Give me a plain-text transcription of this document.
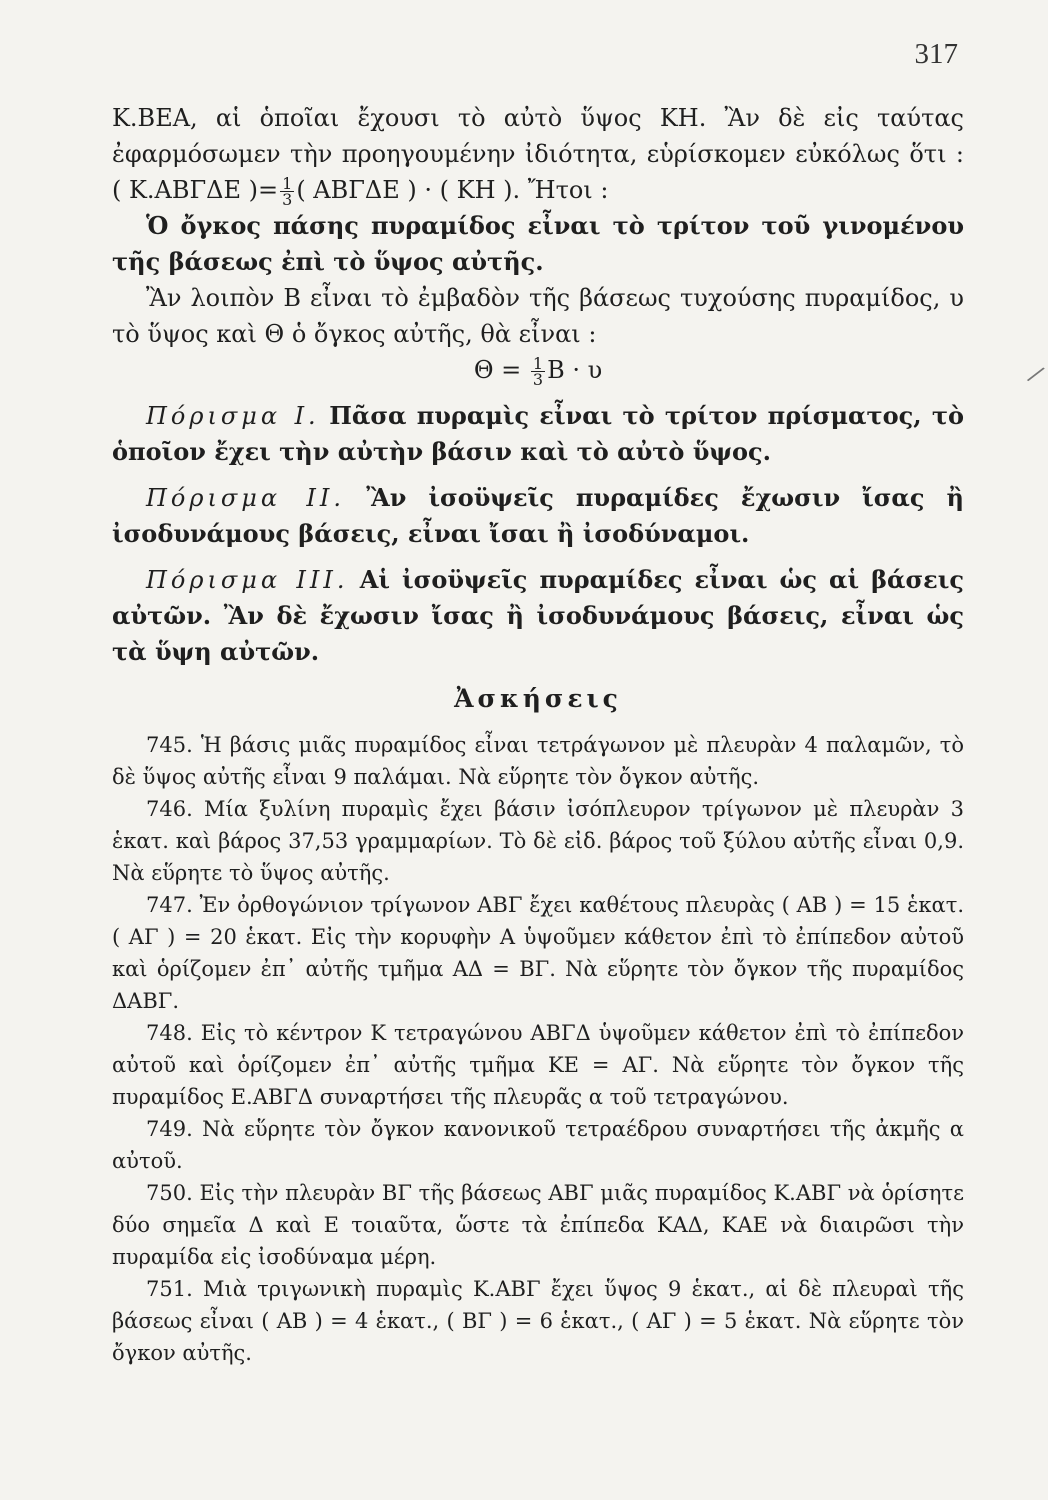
317
/

Κ.ΒΕΑ, αἱ ὁποῖαι ἔχουσι τὸ αὐτὸ ὕψος ΚΗ. Ἂν δὲ εἰς ταύτας ἐφαρμόσωμεν τὴν προηγουμένην ἰδιότητα, εὑρίσκομεν εὐκόλως ὅτι : ( Κ.ΑΒΓΔΕ )= $\frac{1}{3}$ ( ΑΒΓΔΕ ) · ( ΚΗ ). Ἤτοι :

Ὁ ὄγκος πάσης πυραμίδος εἶναι τὸ τρίτον τοῦ γινομένου τῆς βάσεως ἐπὶ τὸ ὕψος αὐτῆς.

Ἂν λοιπὸν Β εἶναι τὸ ἐμβαδὸν τῆς βάσεως τυχούσης πυραμίδος, υ τὸ ὕψος καὶ Θ ὁ ὄγκος αὐτῆς, θὰ εἶναι :

$\Theta = \frac{1}{3}$ Β · υ

Πόρισμα Ι. Πᾶσα πυραμὶς εἶναι τὸ τρίτον πρίσματος, τὸ ὁποῖον ἔχει τὴν αὐτὴν βάσιν καὶ τὸ αὐτὸ ὕψος.

Πόρισμα ΙΙ. Ἂν ἰσοϋψεῖς πυραμίδες ἔχωσιν ἴσας ἢ ἰσοδυνάμους βάσεις, εἶναι ἴσαι ἢ ἰσοδύναμοι.

Πόρισμα ΙΙΙ. Αἱ ἰσοϋψεῖς πυραμίδες εἶναι ὡς αἱ βάσεις αὐτῶν. Ἂν δὲ ἔχωσιν ἴσας ἢ ἰσοδυνάμους βάσεις, εἶναι ὡς τὰ ὕψη αὐτῶν.

Ἀσκήσεις

745. Ἡ βάσις μιᾶς πυραμίδος εἶναι τετράγωνον μὲ πλευρὰν 4 παλαμῶν, τὸ δὲ ὕψος αὐτῆς εἶναι 9 παλάμαι. Νὰ εὕρητε τὸν ὄγκον αὐτῆς.

746. Μία ξυλίνη πυραμὶς ἔχει βάσιν ἰσόπλευρον τρίγωνον μὲ πλευρὰν 3 ἑκατ. καὶ βάρος 37,53 γραμμαρίων. Τὸ δὲ εἰδ. βάρος τοῦ ξύλου αὐτῆς εἶναι 0,9. Νὰ εὕρητε τὸ ὕψος αὐτῆς.

747. Ἐν ὀρθογώνιον τρίγωνον ΑΒΓ ἔχει καθέτους πλευρὰς ( ΑΒ ) = 15 ἑκατ. ( ΑΓ ) = 20 ἑκατ. Εἰς τὴν κορυφὴν Α ὑψοῦμεν κάθετον ἐπὶ τὸ ἐπίπεδον αὐτοῦ καὶ ὁρίζομεν ἐπ᾽ αὐτῆς τμῆμα ΑΔ = ΒΓ. Νὰ εὕρητε τὸν ὄγκον τῆς πυραμίδος ΔΑΒΓ.

748. Εἰς τὸ κέντρον Κ τετραγώνου ΑΒΓΔ ὑψοῦμεν κάθετον ἐπὶ τὸ ἐπίπεδον αὐτοῦ καὶ ὁρίζομεν ἐπ᾽ αὐτῆς τμῆμα ΚΕ = ΑΓ. Νὰ εὕρητε τὸν ὄγκον τῆς πυραμίδος Ε.ΑΒΓΔ συναρτήσει τῆς πλευρᾶς α τοῦ τετραγώνου.

749. Νὰ εὕρητε τὸν ὄγκον κανονικοῦ τετραέδρου συναρτήσει τῆς ἀκμῆς α αὐτοῦ.

750. Εἰς τὴν πλευρὰν ΒΓ τῆς βάσεως ΑΒΓ μιᾶς πυραμίδος Κ.ΑΒΓ νὰ ὁρίσητε δύο σημεῖα Δ καὶ Ε τοιαῦτα, ὥστε τὰ ἐπίπεδα ΚΑΔ, ΚΑΕ νὰ διαιρῶσι τὴν πυραμίδα εἰς ἰσοδύναμα μέρη.

751. Μιὰ τριγωνικὴ πυραμὶς Κ.ΑΒΓ ἔχει ὕψος 9 ἑκατ., αἱ δὲ πλευραὶ τῆς βάσεως εἶναι ( ΑΒ ) = 4 ἑκατ., ( ΒΓ ) = 6 ἑκατ., ( ΑΓ ) = 5 ἑκατ. Νὰ εὕρητε τὸν ὄγκον αὐτῆς.
